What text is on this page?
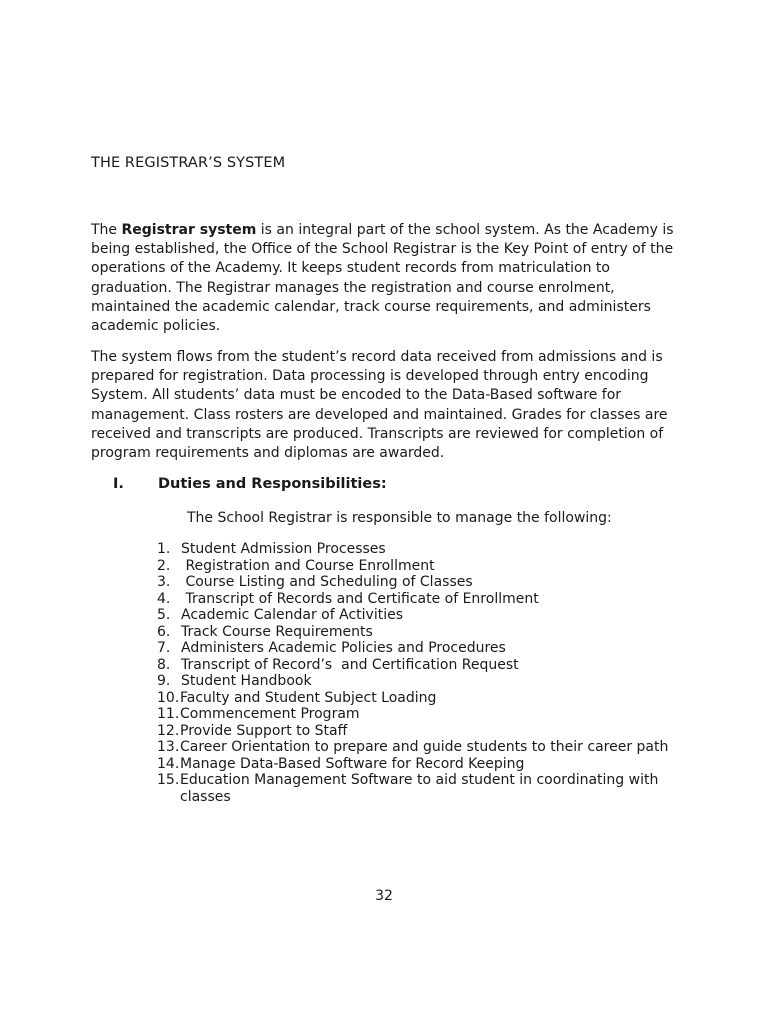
THE REGISTRAR’S SYSTEM

The Registrar system is an integral part of the school system. As the Academy is being established, the Office of the School Registrar is the Key Point of entry of the operations of the Academy. It keeps student records from matriculation to graduation. The Registrar manages the registration and course enrolment, maintained the academic calendar, track course requirements, and administers academic policies.

The system flows from the student’s record data received from admissions and is prepared for registration. Data processing is developed through entry encoding System. All students’ data must be encoded to the Data-Based software for management. Class rosters are developed and maintained. Grades for classes are received and transcripts are produced. Transcripts are reviewed for completion of program requirements and diplomas are awarded.

I. Duties and Responsibilities:
The School Registrar is responsible to manage the following:
1. Student Admission Processes
2. Registration and Course Enrollment
3. Course Listing and Scheduling of Classes
4. Transcript of Records and Certificate of Enrollment
5. Academic Calendar of Activities
6. Track Course Requirements
7. Administers Academic Policies and Procedures
8. Transcript of Record’s  and Certification Request
9. Student Handbook
10. Faculty and Student Subject Loading
11. Commencement Program
12. Provide Support to Staff
13. Career Orientation to prepare and guide students to their career path
14. Manage Data-Based Software for Record Keeping
15. Education Management Software to aid student in coordinating with classes
32
